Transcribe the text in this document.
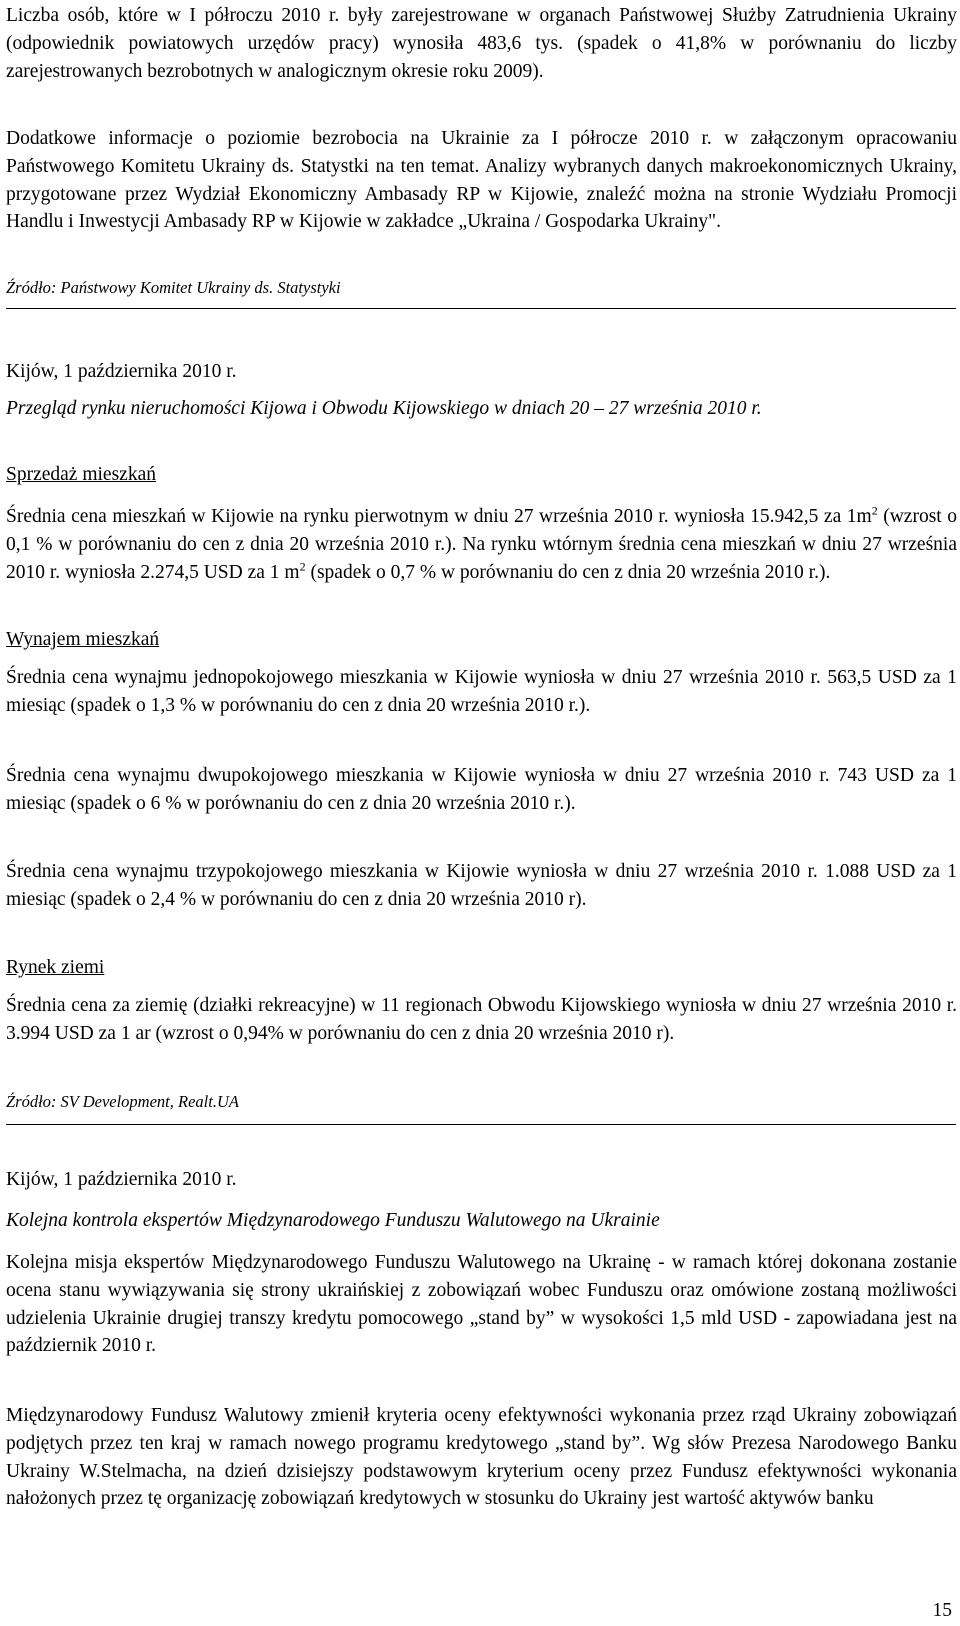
Liczba osób, które w I półroczu 2010 r. były zarejestrowane w organach Państwowej Służby Zatrudnienia Ukrainy (odpowiednik powiatowych urzędów pracy) wynosiła 483,6 tys. (spadek o 41,8% w porównaniu do liczby zarejestrowanych bezrobotnych w analogicznym okresie roku 2009).

Dodatkowe informacje o poziomie bezrobocia na Ukrainie za I półrocze 2010 r. w załączonym opracowaniu Państwowego Komitetu Ukrainy ds. Statystki na ten temat. Analizy wybranych danych makroekonomicznych Ukrainy, przygotowane przez Wydział Ekonomiczny Ambasady RP w Kijowie, znaleźć można na stronie Wydziału Promocji Handlu i Inwestycji Ambasady RP w Kijowie w zakładce „Ukraina / Gospodarka Ukrainy".

Źródło: Państwowy Komitet Ukrainy ds. Statystyki

Kijów, 1 października 2010 r.

Przegląd rynku nieruchomości Kijowa i Obwodu Kijowskiego w dniach 20 – 27 września 2010 r.

Sprzedaż mieszkań

Średnia cena mieszkań w Kijowie na rynku pierwotnym w dniu 27 września 2010 r. wyniosła 15.942,5 za $1m^2$ (wzrost o 0,1 % w porównaniu do cen z dnia 20 września 2010 r.). Na rynku wtórnym średnia cena mieszkań w dniu 27 września 2010 r. wyniosła 2.274,5 USD za 1 $m^2$ (spadek o 0,7 % w porównaniu do cen z dnia 20 września 2010 r.).

Wynajem mieszkań

Średnia cena wynajmu jednopokojowego mieszkania w Kijowie wyniosła w dniu 27 września 2010 r. 563,5 USD za 1 miesiąc (spadek o 1,3 % w porównaniu do cen z dnia 20 września 2010 r.).

Średnia cena wynajmu dwupokojowego mieszkania w Kijowie wyniosła w dniu 27 września 2010 r. 743 USD za 1 miesiąc (spadek o 6 % w porównaniu do cen z dnia 20 września 2010 r.).

Średnia cena wynajmu trzypokojowego mieszkania w Kijowie wyniosła w dniu 27 września 2010 r. 1.088 USD za 1 miesiąc (spadek o 2,4 % w porównaniu do cen z dnia 20 września 2010 r).

Rynek ziemi

Średnia cena za ziemię (działki rekreacyjne) w 11 regionach Obwodu Kijowskiego wyniosła w dniu 27 września 2010 r. 3.994 USD za 1 ar (wzrost o 0,94% w porównaniu do cen z dnia 20 września 2010 r).

Źródło: SV Development, Realt.UA

Kijów, 1 października 2010 r.

Kolejna kontrola ekspertów Międzynarodowego Funduszu Walutowego na Ukrainie

Kolejna misja ekspertów Międzynarodowego Funduszu Walutowego na Ukrainę - w ramach której dokonana zostanie ocena stanu wywiązywania się strony ukraińskiej z zobowiązań wobec Funduszu oraz omówione zostaną możliwości udzielenia Ukrainie drugiej transzy kredytu pomocowego „stand by” w wysokości 1,5 mld USD - zapowiadana jest na październik 2010 r.

Międzynarodowy Fundusz Walutowy zmienił kryteria oceny efektywności wykonania przez rząd Ukrainy zobowiązań podjętych przez ten kraj w ramach nowego programu kredytowego „stand by”. Wg słów Prezesa Narodowego Banku Ukrainy W.Stelmacha, na dzień dzisiejszy podstawowym kryterium oceny przez Fundusz efektywności wykonania nałożonych przez tę organizację zobowiązań kredytowych w stosunku do Ukrainy jest wartość aktywów banku

15
